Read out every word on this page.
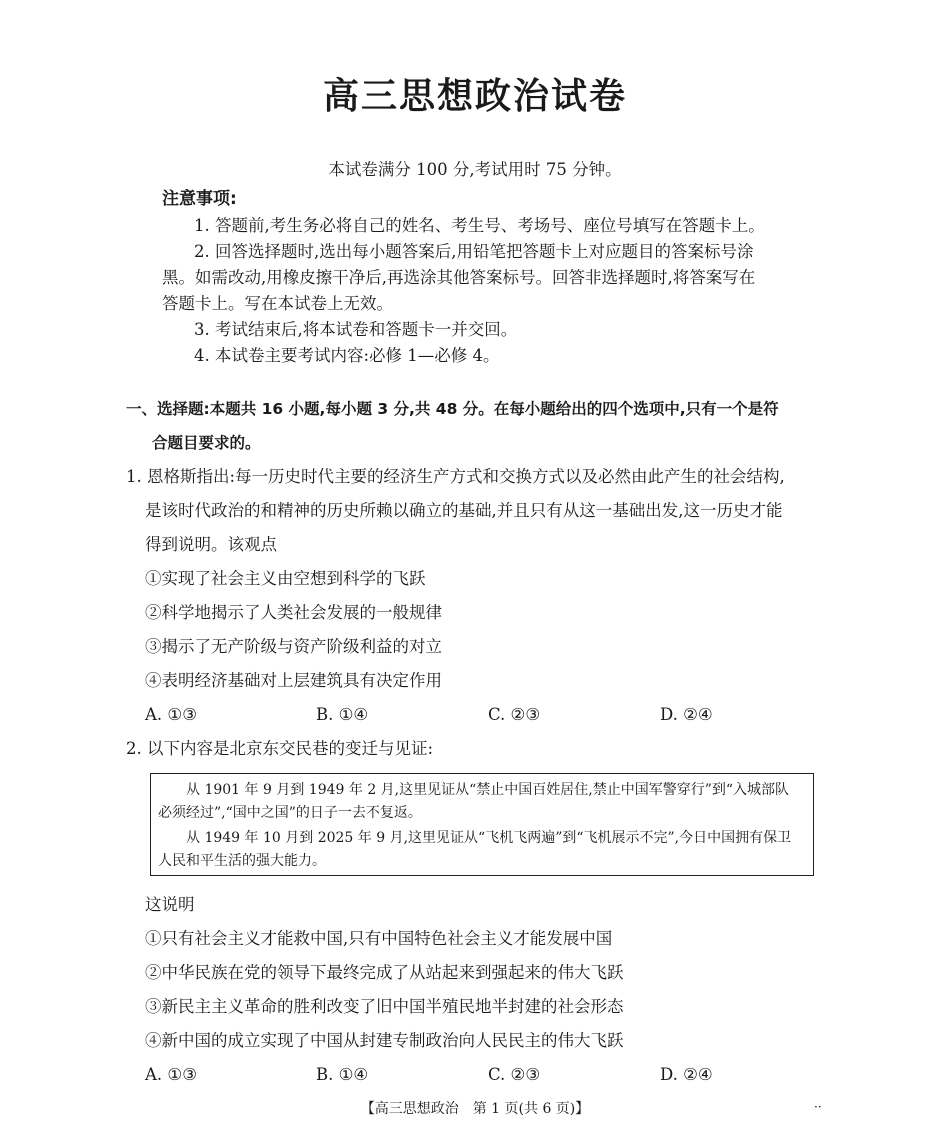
高三思想政治试卷
本试卷满分 100 分,考试用时 75 分钟。
注意事项:
1. 答题前,考生务必将自己的姓名、考生号、考场号、座位号填写在答题卡上。
2. 回答选择题时,选出每小题答案后,用铅笔把答题卡上对应题目的答案标号涂
黑。如需改动,用橡皮擦干净后,再选涂其他答案标号。回答非选择题时,将答案写在
答题卡上。写在本试卷上无效。
3. 考试结束后,将本试卷和答题卡一并交回。
4. 本试卷主要考试内容:必修 1—必修 4。
一、选择题:本题共 16 小题,每小题 3 分,共 48 分。在每小题给出的四个选项中,只有一个是符
合题目要求的。
1. 恩格斯指出:每一历史时代主要的经济生产方式和交换方式以及必然由此产生的社会结构,
是该时代政治的和精神的历史所赖以确立的基础,并且只有从这一基础出发,这一历史才能
得到说明。该观点
①实现了社会主义由空想到科学的飞跃
②科学地揭示了人类社会发展的一般规律
③揭示了无产阶级与资产阶级利益的对立
④表明经济基础对上层建筑具有决定作用
A. ①③	B. ①④	C. ②③	D. ②④
2. 以下内容是北京东交民巷的变迁与见证:
从 1901 年 9 月到 1949 年 2 月,这里见证从“禁止中国百姓居住,禁止中国军警穿行”到“入城部队
必须经过”,“国中之国”的日子一去不复返。
从 1949 年 10 月到 2025 年 9 月,这里见证从“飞机飞两遍”到“飞机展示不完”,今日中国拥有保卫
人民和平生活的强大能力。
这说明
①只有社会主义才能救中国,只有中国特色社会主义才能发展中国
②中华民族在党的领导下最终完成了从站起来到强起来的伟大飞跃
③新民主主义革命的胜利改变了旧中国半殖民地半封建的社会形态
④新中国的成立实现了中国从封建专制政治向人民民主的伟大飞跃
A. ①③	B. ①④	C. ②③	D. ②④
【高三思想政治　第 1 页(共 6 页)】	··
